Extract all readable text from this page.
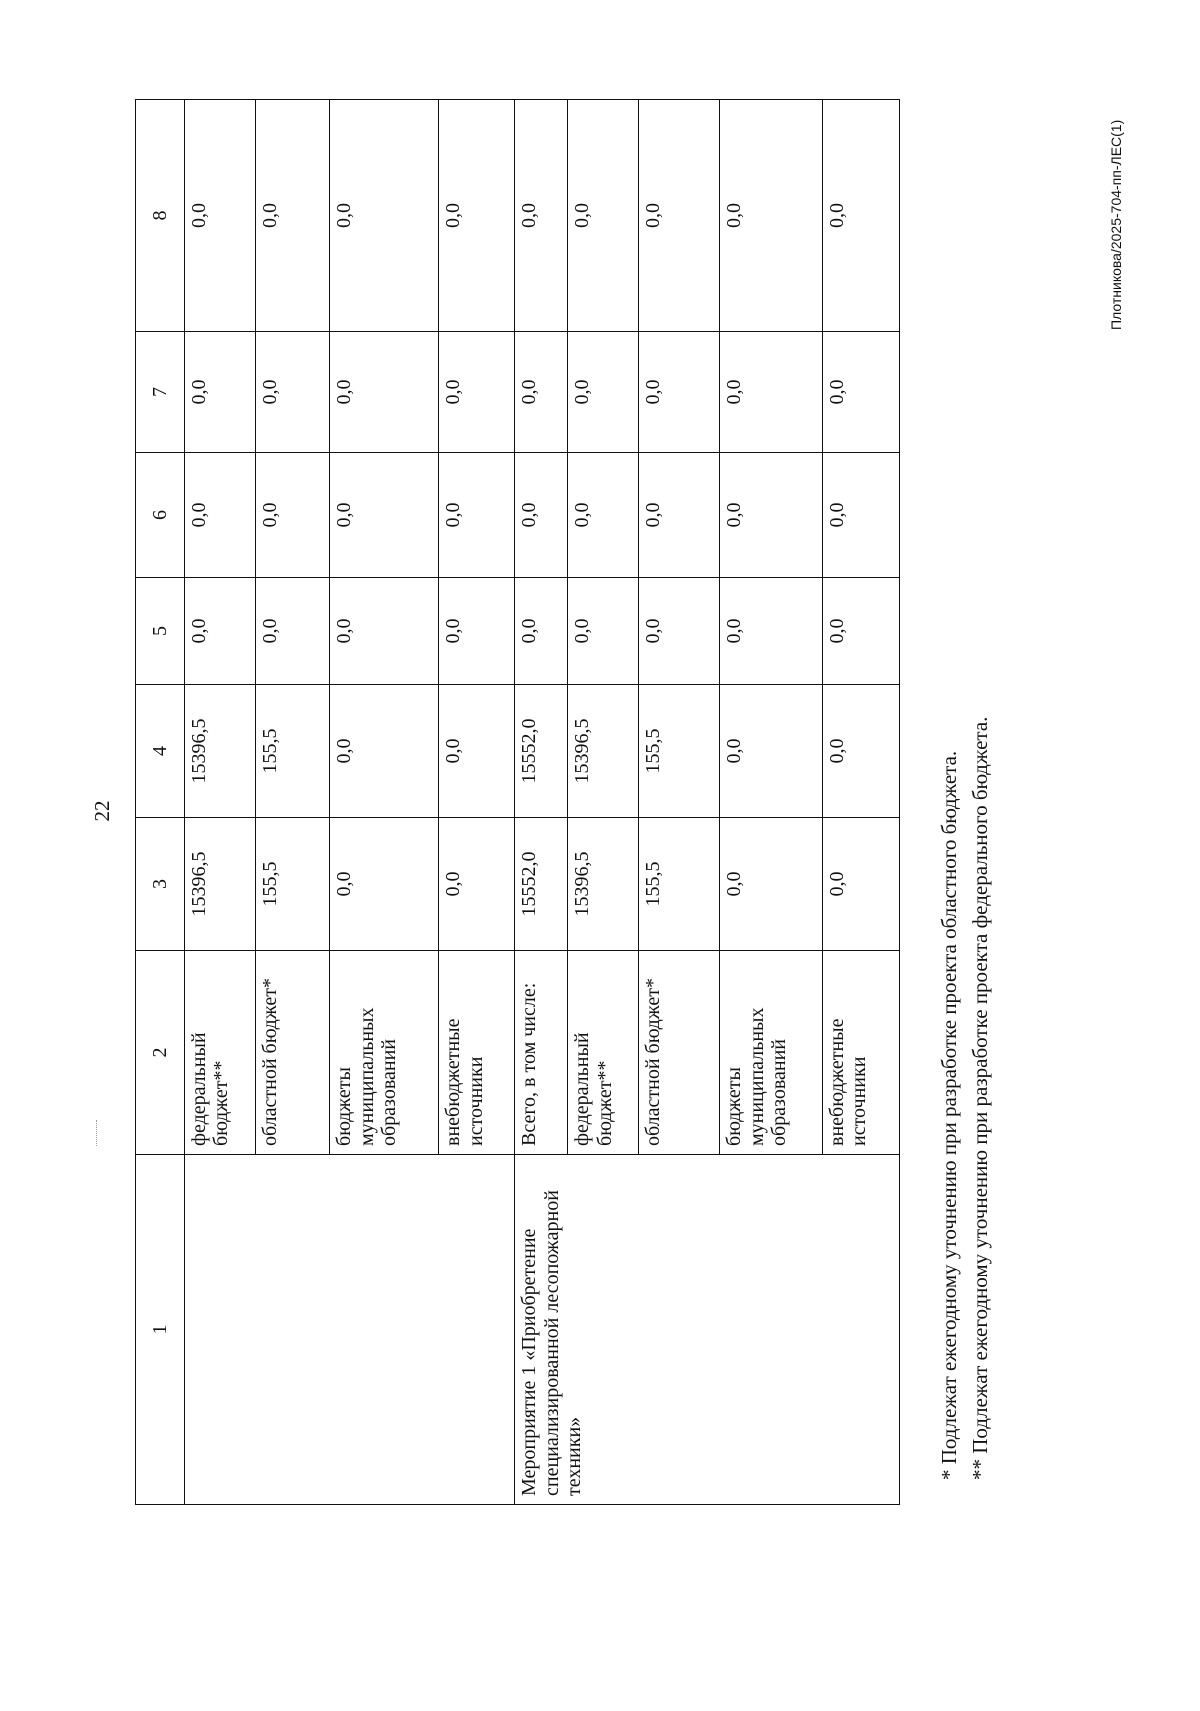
22
1	2	3	4	5	6	7	8
	федеральный бюджет**	15396,5	15396,5	0,0	0,0	0,0	0,0
	областной бюджет*	155,5	155,5	0,0	0,0	0,0	0,0
	бюджеты муниципальных образований	0,0	0,0	0,0	0,0	0,0	0,0
	внебюджетные источники	0,0	0,0	0,0	0,0	0,0	0,0
Мероприятие 1 «Приобретение специализированной лесопожарной техники»	Всего, в том числе:	15552,0	15552,0	0,0	0,0	0,0	0,0
	федеральный бюджет**	15396,5	15396,5	0,0	0,0	0,0	0,0
	областной бюджет*	155,5	155,5	0,0	0,0	0,0	0,0
	бюджеты муниципальных образований	0,0	0,0	0,0	0,0	0,0	0,0
	внебюджетные источники	0,0	0,0	0,0	0,0	0,0	0,0
* Подлежат ежегодному уточнению при разработке проекта областного бюджета. ** Подлежат ежегодному уточнению при разработке проекта федерального бюджета.
Плотникова/2025-704-пп-ЛЕС(1)
